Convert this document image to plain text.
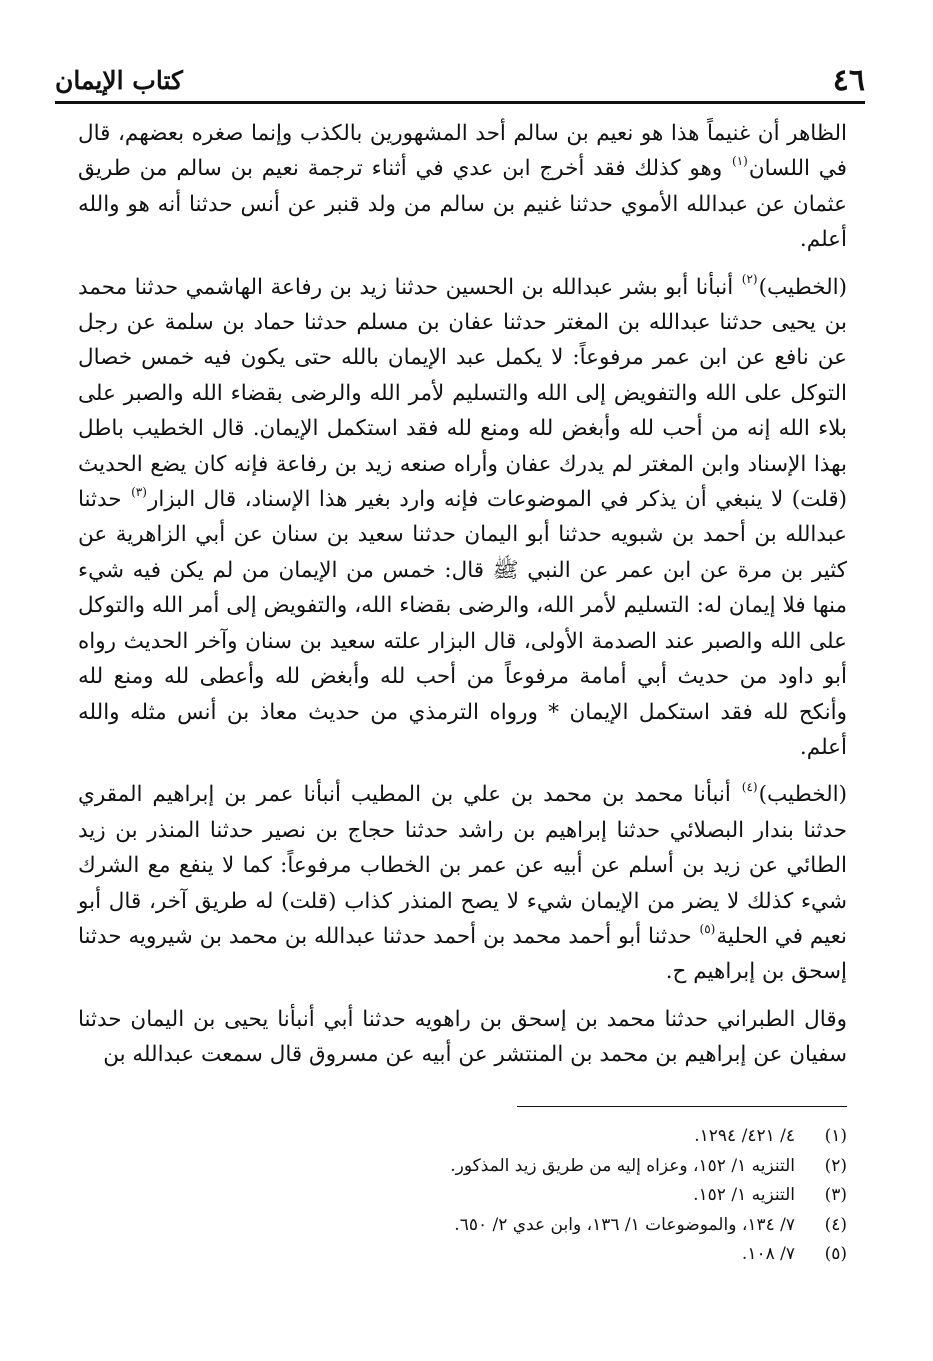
٤٦
كتاب الإيمان

الظاهر أن غنيماً هذا هو نعيم بن سالم أحد المشهورين بالكذب وإنما صغره بعضهم، قال في اللسان$^{(١)}$ وهو كذلك فقد أخرج ابن عدي في أثناء ترجمة نعيم بن سالم من طريق عثمان عن عبدالله الأموي حدثنا غنيم بن سالم من ولد قنبر عن أنس حدثنا أنه هو والله أعلم.

(الخطيب)$^{(٢)}$ أنبأنا أبو بشر عبدالله بن الحسين حدثنا زيد بن رفاعة الهاشمي حدثنا محمد بن يحيى حدثنا عبدالله بن المغتر حدثنا عفان بن مسلم حدثنا حماد بن سلمة عن رجل عن نافع عن ابن عمر مرفوعاً: لا يكمل عبد الإيمان بالله حتى يكون فيه خمس خصال التوكل على الله والتفويض إلى الله والتسليم لأمر الله والرضى بقضاء الله والصبر على بلاء الله إنه من أحب لله وأبغض لله ومنع لله فقد استكمل الإيمان. قال الخطيب باطل بهذا الإسناد وابن المغتر لم يدرك عفان وأراه صنعه زيد بن رفاعة فإنه كان يضع الحديث (قلت) لا ينبغي أن يذكر في الموضوعات فإنه وارد بغير هذا الإسناد، قال البزار$^{(٣)}$ حدثنا عبدالله بن أحمد بن شبويه حدثنا أبو اليمان حدثنا سعيد بن سنان عن أبي الزاهرية عن كثير بن مرة عن ابن عمر عن النبي ﷺ قال: خمس من الإيمان من لم يكن فيه شيء منها فلا إيمان له: التسليم لأمر الله، والرضى بقضاء الله، والتفويض إلى أمر الله والتوكل على الله والصبر عند الصدمة الأولى، قال البزار علته سعيد بن سنان وآخر الحديث رواه أبو داود من حديث أبي أمامة مرفوعاً من أحب لله وأبغض لله وأعطى لله ومنع لله وأنكح لله فقد استكمل الإيمان * ورواه الترمذي من حديث معاذ بن أنس مثله والله أعلم.

(الخطيب)$^{(٤)}$ أنبأنا محمد بن محمد بن علي بن المطيب أنبأنا عمر بن إبراهيم المقري حدثنا بندار البصلائي حدثنا إبراهيم بن راشد حدثنا حجاج بن نصير حدثنا المنذر بن زيد الطائي عن زيد بن أسلم عن أبيه عن عمر بن الخطاب مرفوعاً: كما لا ينفع مع الشرك شيء كذلك لا يضر من الإيمان شيء لا يصح المنذر كذاب (قلت) له طريق آخر، قال أبو نعيم في الحلية$^{(٥)}$ حدثنا أبو أحمد محمد بن أحمد حدثنا عبدالله بن محمد بن شيرويه حدثنا إسحق بن إبراهيم ح.

وقال الطبراني حدثنا محمد بن إسحق بن راهويه حدثنا أبي أنبأنا يحيى بن اليمان حدثنا سفيان عن إبراهيم بن محمد بن المنتشر عن أبيه عن مسروق قال سمعت عبدالله بن

(١)
٤/ ٤٢١/ ١٢٩٤.
(٢)
التنزيه ١/ ١٥٢، وعزاه إليه من طريق زيد المذكور.
(٣)
التنزيه ١/ ١٥٢.
(٤)
٧/ ١٣٤، والموضوعات ١/ ١٣٦، وابن عدي ٢/ ٦٥٠.
(٥)
٧/ ١٠٨.
